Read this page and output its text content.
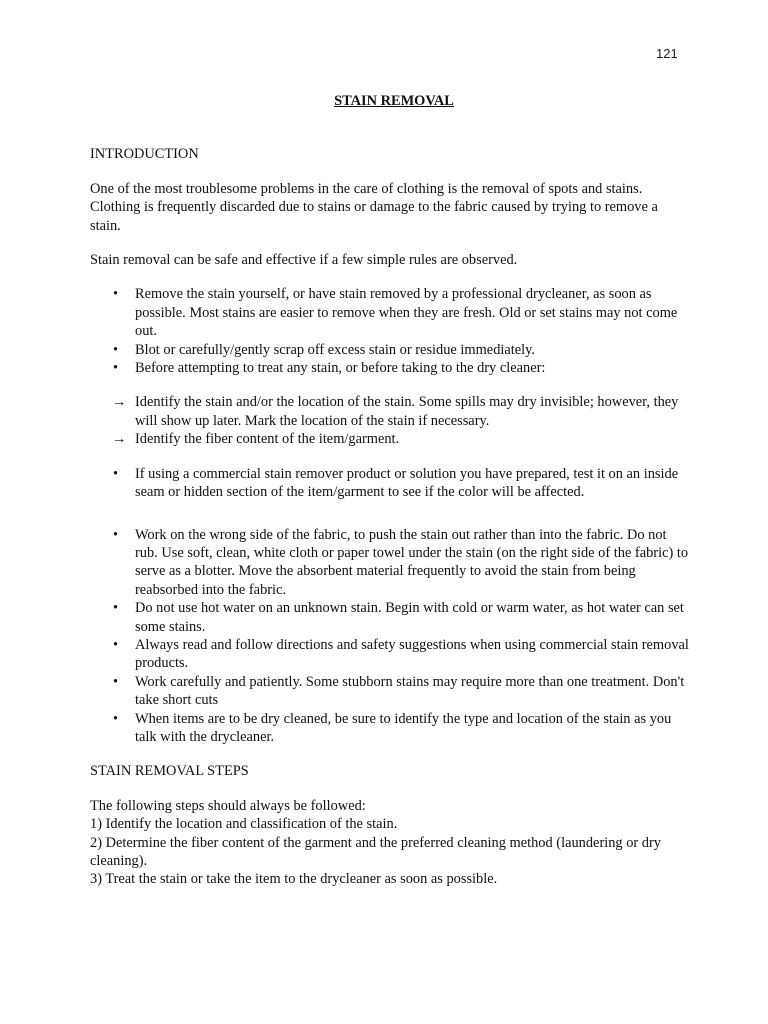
121
STAIN REMOVAL
INTRODUCTION

One of the most troublesome problems in the care of clothing is the removal of spots and stains. Clothing is frequently discarded due to stains or damage to the fabric caused by trying to remove a stain.

Stain removal can be safe and effective if a few simple rules are observed.

• Remove the stain yourself, or have stain removed by a professional drycleaner, as soon as possible. Most stains are easier to remove when they are fresh. Old or set stains may not come out.
• Blot or carefully/gently scrap off excess stain or residue immediately.
• Before attempting to treat any stain, or before taking to the dry cleaner:
→ Identify the stain and/or the location of the stain. Some spills may dry invisible; however, they will show up later. Mark the location of the stain if necessary.
→ Identify the fiber content of the item/garment.
• If using a commercial stain remover product or solution you have prepared, test it on an inside seam or hidden section of the item/garment to see if the color will be affected.
• Work on the wrong side of the fabric, to push the stain out rather than into the fabric. Do not rub. Use soft, clean, white cloth or paper towel under the stain (on the right side of the fabric) to serve as a blotter. Move the absorbent material frequently to avoid the stain from being reabsorbed into the fabric.
• Do not use hot water on an unknown stain. Begin with cold or warm water, as hot water can set some stains.
• Always read and follow directions and safety suggestions when using commercial stain removal products.
• Work carefully and patiently. Some stubborn stains may require more than one treatment. Don't take short cuts
• When items are to be dry cleaned, be sure to identify the type and location of the stain as you talk with the drycleaner.
STAIN REMOVAL STEPS

The following steps should always be followed:

1) Identify the location and classification of the stain.

2) Determine the fiber content of the garment and the preferred cleaning method (laundering or dry cleaning).

3) Treat the stain or take the item to the drycleaner as soon as possible.
